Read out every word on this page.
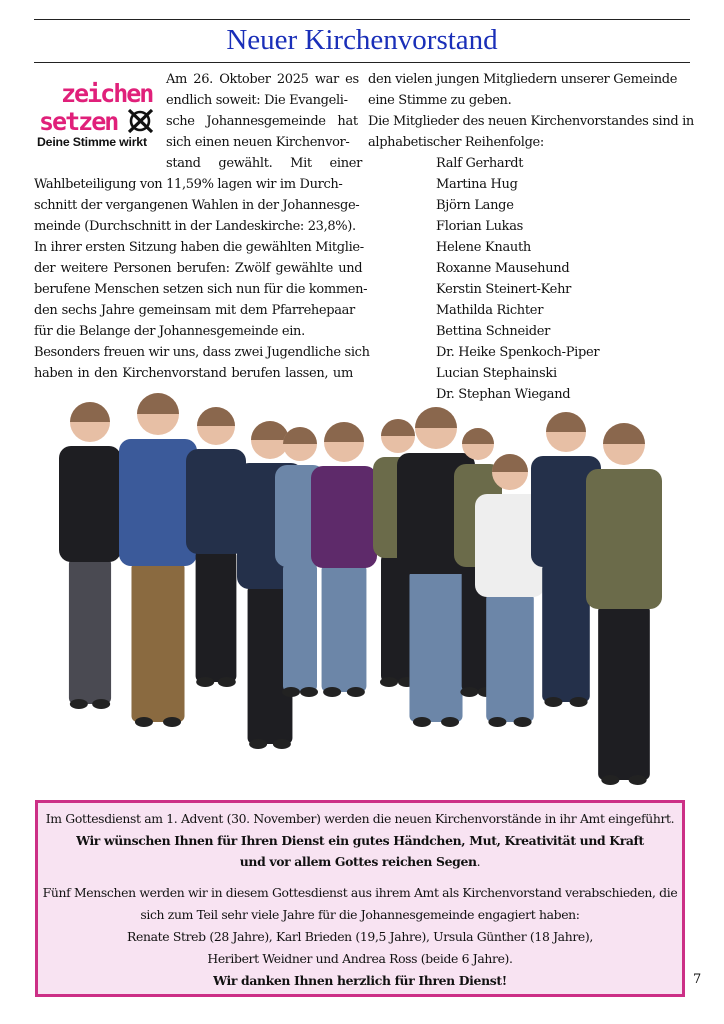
Neuer Kirchenvorstand
zeichen
setzen
Deine Stimme wirkt
Am 26. Oktober 2025 war es
endlich soweit: Die Evangeli-
sche Johannesgemeinde hat
sich einen neuen Kirchenvor-
stand gewählt. Mit einer
Wahlbeteiligung von 11,59% lagen wir im Durch-
schnitt der vergangenen Wahlen in der Johannesge-
meinde (Durchschnitt in der Landeskirche: 23,8%).
In ihrer ersten Sitzung haben die gewählten Mitglie-
der weitere Personen berufen: Zwölf gewählte und
berufene Menschen setzen sich nun für die kommen-
den sechs Jahre gemeinsam mit dem Pfarrehepaar
für die Belange der Johannesgemeinde ein.
Besonders freuen wir uns, dass zwei Jugendliche sich
haben in den Kirchenvorstand berufen lassen, um
den vielen jungen Mitgliedern unserer Gemeinde
eine Stimme zu geben.
Die Mitglieder des neuen Kirchenvorstandes sind in
alphabetischer Reihenfolge:
Ralf Gerhardt
Martina Hug
Björn Lange
Florian Lukas
Helene Knauth
Roxanne Mausehund
Kerstin Steinert-Kehr
Mathilda Richter
Bettina Schneider
Dr. Heike Spenkoch-Piper
Lucian Stephainski
Dr. Stephan Wiegand
Im Gottesdienst am 1. Advent (30. November) werden die neuen Kirchenvorstände in ihr Amt eingeführt.
Wir wünschen Ihnen für Ihren Dienst ein gutes Händchen, Mut, Kreativität und Kraft
und vor allem Gottes reichen Segen.
Fünf Menschen werden wir in diesem Gottesdienst aus ihrem Amt als Kirchenvorstand verabschieden, die
sich zum Teil sehr viele Jahre für die Johannesgemeinde engagiert haben:
Renate Streb (28 Jahre), Karl Brieden (19,5 Jahre), Ursula Günther (18 Jahre),
Heribert Weidner und Andrea Ross (beide 6 Jahre).
Wir danken Ihnen herzlich für Ihren Dienst!	7
